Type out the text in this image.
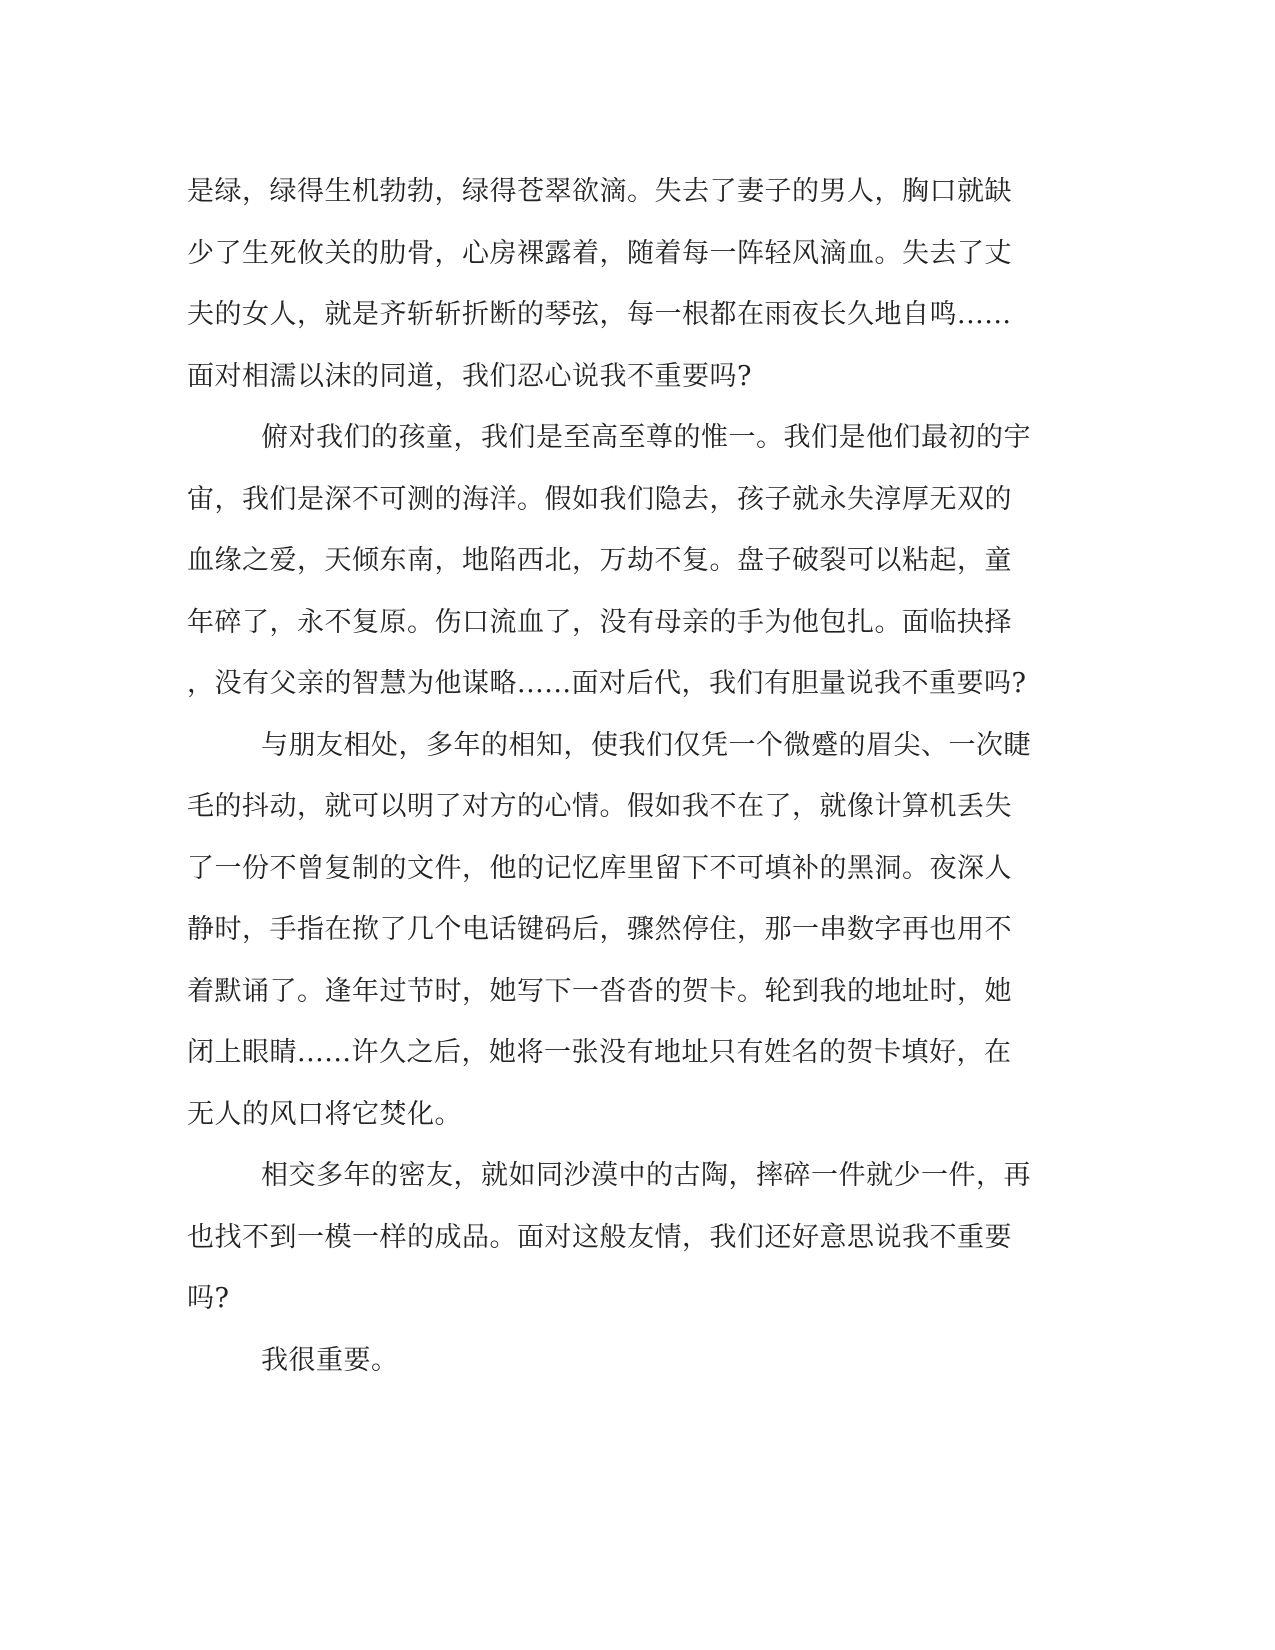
是绿，绿得生机勃勃，绿得苍翠欲滴。失去了妻子的男人，胸口就缺
少了生死攸关的肋骨，心房裸露着，随着每一阵轻风滴血。失去了丈
夫的女人，就是齐斩斩折断的琴弦，每一根都在雨夜长久地自鸣......
面对相濡以沫的同道，我们忍心说我不重要吗?
俯对我们的孩童，我们是至高至尊的惟一。我们是他们最初的宇
宙，我们是深不可测的海洋。假如我们隐去，孩子就永失淳厚无双的
血缘之爱，天倾东南，地陷西北，万劫不复。盘子破裂可以粘起，童
年碎了，永不复原。伤口流血了，没有母亲的手为他包扎。面临抉择
，没有父亲的智慧为他谋略......面对后代，我们有胆量说我不重要吗?
与朋友相处，多年的相知，使我们仅凭一个微蹙的眉尖、一次睫
毛的抖动，就可以明了对方的心情。假如我不在了，就像计算机丢失
了一份不曾复制的文件，他的记忆库里留下不可填补的黑洞。夜深人
静时，手指在揿了几个电话键码后，骤然停住，那一串数字再也用不
着默诵了。逢年过节时，她写下一沓沓的贺卡。轮到我的地址时，她
闭上眼睛......许久之后，她将一张没有地址只有姓名的贺卡填好，在
无人的风口将它焚化。
相交多年的密友，就如同沙漠中的古陶，摔碎一件就少一件，再
也找不到一模一样的成品。面对这般友情，我们还好意思说我不重要
吗?
我很重要。
